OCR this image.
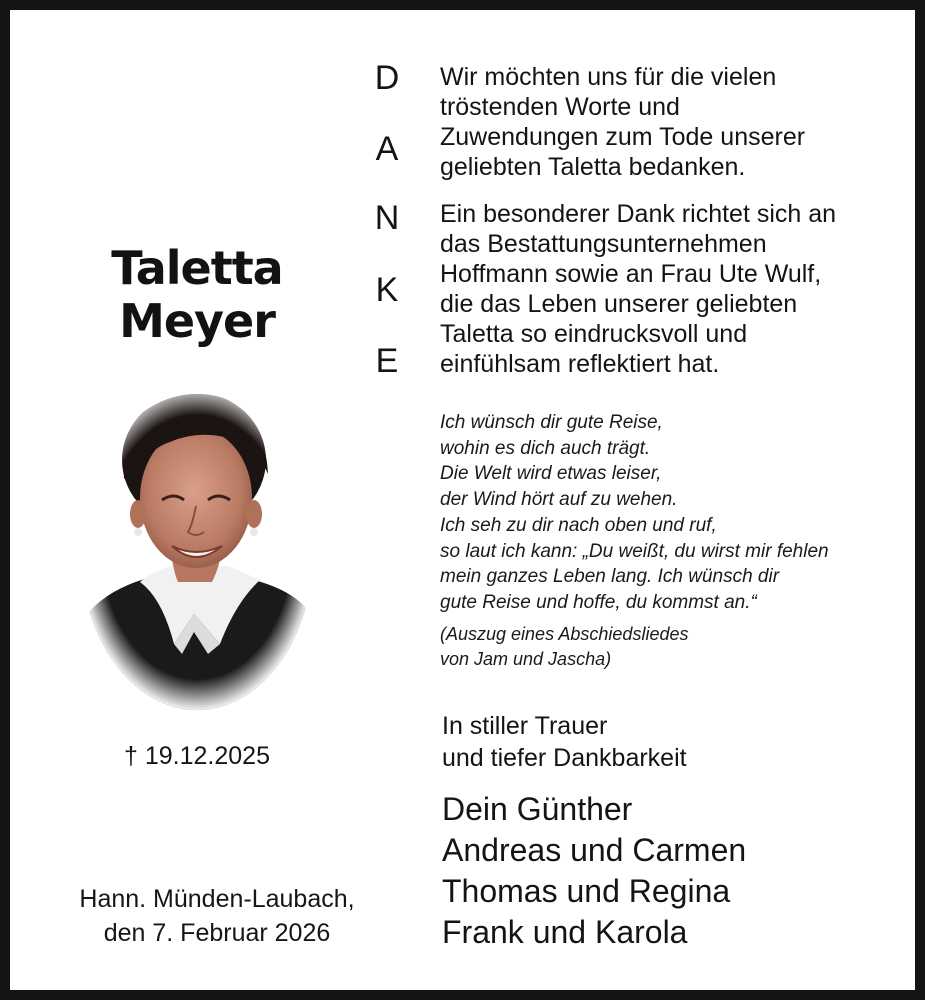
Taletta
Meyer
† 19.12.2025
Hann. Münden-Laubach,
den 7. Februar 2026
D
A
N
K
E
Wir möchten uns für die vielen
tröstenden Worte und
Zuwendungen zum Tode unserer
geliebten Taletta bedanken.
Ein besonderer Dank richtet sich an
das Bestattungsunternehmen
Hoffmann sowie an Frau Ute Wulf,
die das Leben unserer geliebten
Taletta so eindrucksvoll und
einfühlsam reflektiert hat.
Ich wünsch dir gute Reise,
wohin es dich auch trägt.
Die Welt wird etwas leiser,
der Wind hört auf zu wehen.
Ich seh zu dir nach oben und ruf,
so laut ich kann: „Du weißt, du wirst mir fehlen
mein ganzes Leben lang. Ich wünsch dir
gute Reise und hoffe, du kommst an.“
(Auszug eines Abschiedsliedes
von Jam und Jascha)
In stiller Trauer
und tiefer Dankbarkeit
Dein Günther
Andreas und Carmen
Thomas und Regina
Frank und Karola
